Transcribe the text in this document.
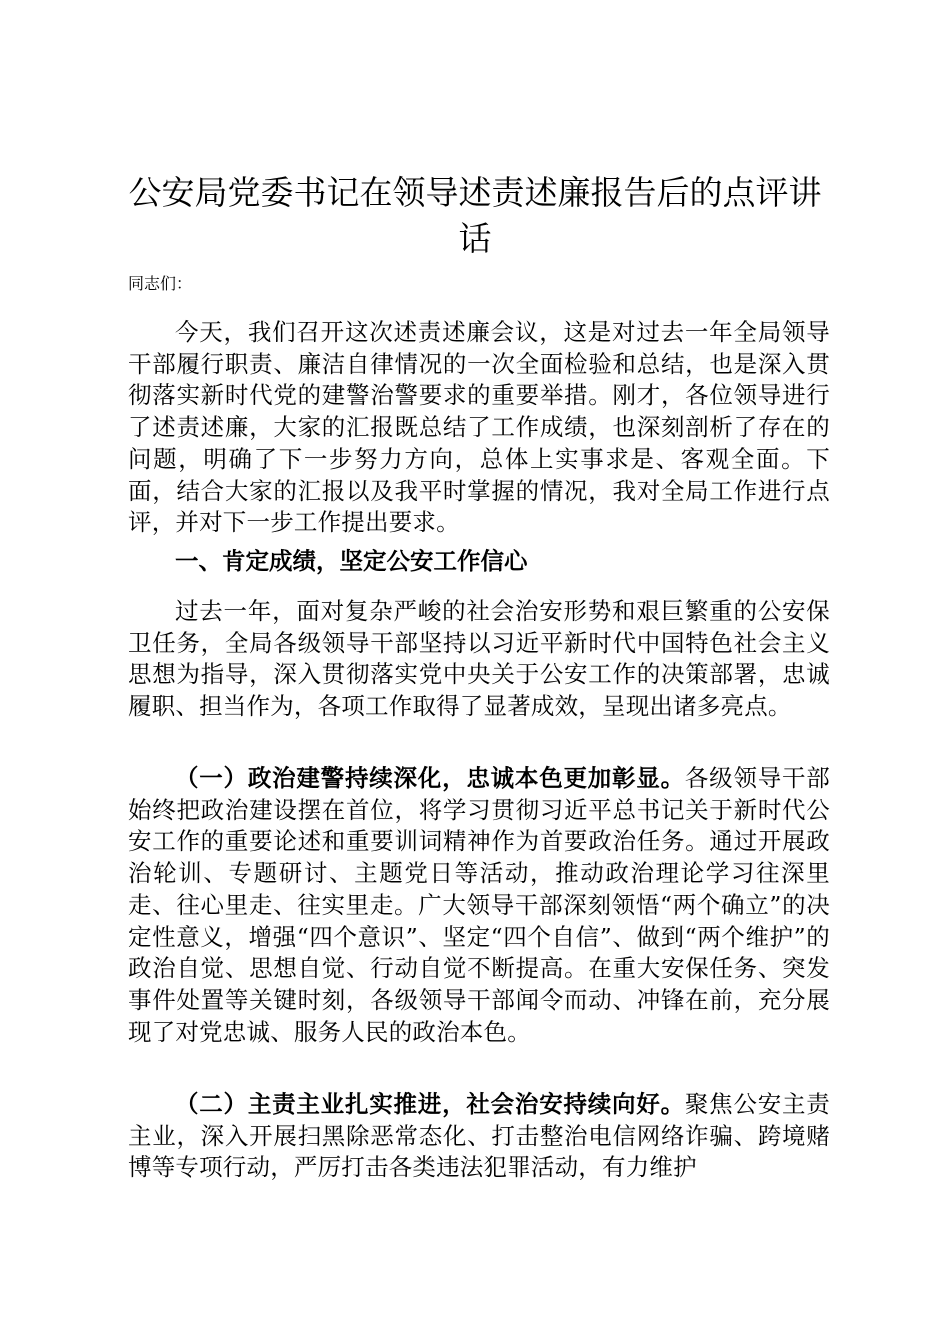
公安局党委书记在领导述责述廉报告后的点评讲话

同志们：

今天，我们召开这次述责述廉会议，这是对过去一年全局领导干部履行职责、廉洁自律情况的一次全面检验和总结，也是深入贯彻落实新时代党的建警治警要求的重要举措。刚才，各位领导进行了述责述廉，大家的汇报既总结了工作成绩，也深刻剖析了存在的问题，明确了下一步努力方向，总体上实事求是、客观全面。下面，结合大家的汇报以及我平时掌握的情况，我对全局工作进行点评，并对下一步工作提出要求。

一、肯定成绩，坚定公安工作信心

过去一年，面对复杂严峻的社会治安形势和艰巨繁重的公安保卫任务，全局各级领导干部坚持以习近平新时代中国特色社会主义思想为指导，深入贯彻落实党中央关于公安工作的决策部署，忠诚履职、担当作为，各项工作取得了显著成效，呈现出诸多亮点。

（一）政治建警持续深化，忠诚本色更加彰显。各级领导干部始终把政治建设摆在首位，将学习贯彻习近平总书记关于新时代公安工作的重要论述和重要训词精神作为首要政治任务。通过开展政治轮训、专题研讨、主题党日等活动，推动政治理论学习往深里走、往心里走、往实里走。广大领导干部深刻领悟“两个确立”的决定性意义，增强“四个意识”、坚定“四个自信”、做到“两个维护”的政治自觉、思想自觉、行动自觉不断提高。在重大安保任务、突发事件处置等关键时刻，各级领导干部闻令而动、冲锋在前，充分展现了对党忠诚、服务人民的政治本色。

（二）主责主业扎实推进，社会治安持续向好。聚焦公安主责主业，深入开展扫黑除恶常态化、打击整治电信网络诈骗、跨境赌博等专项行动，严厉打击各类违法犯罪活动，有力维护
